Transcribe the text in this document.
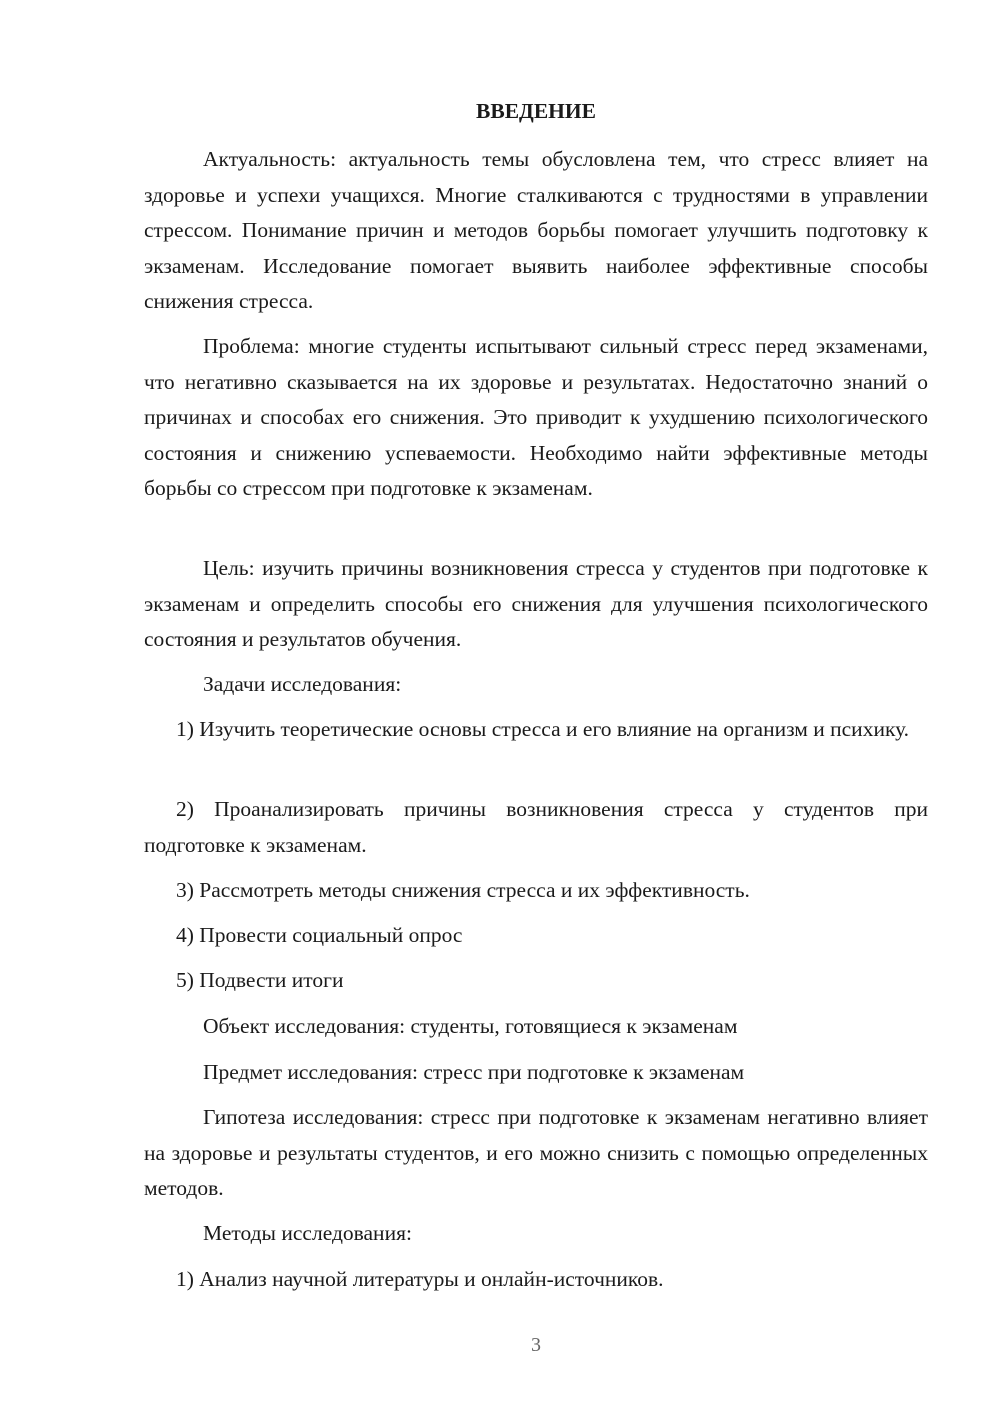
ВВЕДЕНИЕ

Актуальность: актуальность темы обусловлена тем, что стресс влияет на здоровье и успехи учащихся. Многие сталкиваются с трудностями в управлении стрессом. Понимание причин и методов борьбы помогает улучшить подготовку к экзаменам. Исследование помогает выявить наиболее эффективные способы снижения стресса.

Проблема: многие студенты испытывают сильный стресс перед экзаменами, что негативно сказывается на их здоровье и результатах. Недостаточно знаний о причинах и способах его снижения. Это приводит к ухудшению психологического состояния и снижению успеваемости. Необходимо найти эффективные методы борьбы со стрессом при подготовке к экзаменам.

Цель: изучить причины возникновения стресса у студентов при подготовке к экзаменам и определить способы его снижения для улучшения психологического состояния и результатов обучения.

Задачи исследования:

1) Изучить теоретические основы стресса и его влияние на организм и психику.

2) Проанализировать причины возникновения стресса у студентов при подготовке к экзаменам.

3) Рассмотреть методы снижения стресса и их эффективность.

4) Провести социальный опрос

5) Подвести итоги

Объект исследования: студенты, готовящиеся к экзаменам

Предмет исследования: стресс при подготовке к экзаменам

Гипотеза исследования: стресс при подготовке к экзаменам негативно влияет на здоровье и результаты студентов, и его можно снизить с помощью определенных методов.

Методы исследования:

1) Анализ научной литературы и онлайн-источников.

3
